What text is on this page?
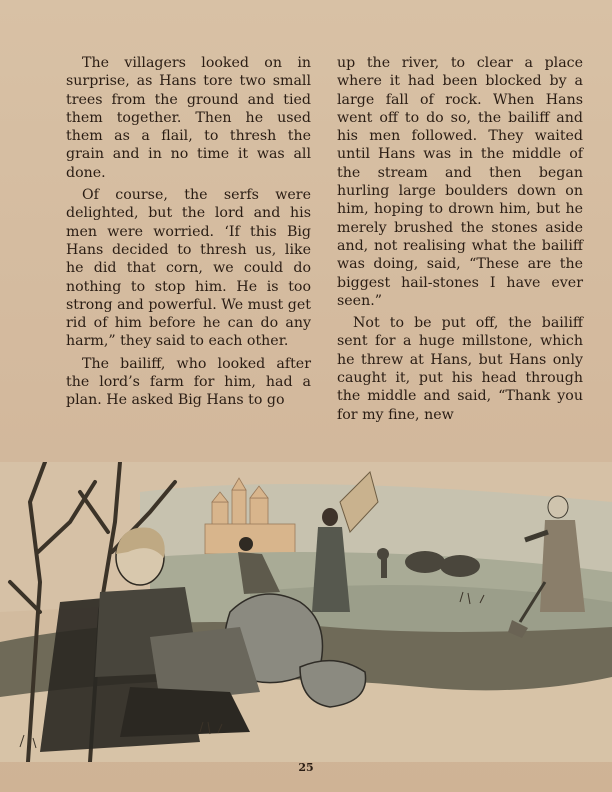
The villagers looked on in surprise, as Hans tore two small trees from the ground and tied them together. Then he used them as a flail, to thresh the grain and in no time it was all done.

Of course, the serfs were delighted, but the lord and his men were worried. ‘If this Big Hans decided to thresh us, like he did that corn, we could do nothing to stop him. He is too strong and powerful. We must get rid of him before he can do any harm,” they said to each other.

The bailiff, who looked after the lord’s farm for him, had a plan. He asked Big Hans to go

up the river, to clear a place where it had been blocked by a large fall of rock. When Hans went off to do so, the bailiff and his men followed. They waited until Hans was in the middle of the stream and then began hurling large boulders down on him, hoping to drown him, but he merely brushed the stones aside and, not realising what the bailiff was doing, said, “These are the biggest hail-stones I have ever seen.”

Not to be put off, the bailiff sent for a huge millstone, which he threw at Hans, but Hans only caught it, put his head through the middle and said, “Thank you for my fine, new

25
